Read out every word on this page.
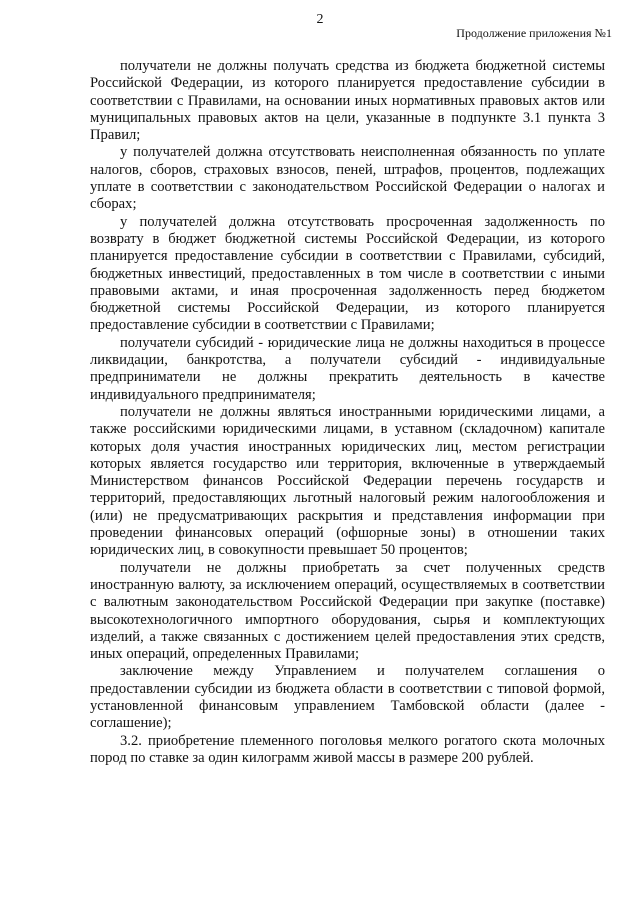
2
Продолжение приложения №1

получатели не должны получать средства из бюджета бюджетной системы Российской Федерации, из которого планируется предоставление субсидии в соответствии с Правилами, на основании иных нормативных правовых актов или муниципальных правовых актов на цели, указанные в подпункте 3.1 пункта 3 Правил;

у получателей должна отсутствовать неисполненная обязанность по уплате налогов, сборов, страховых взносов, пеней, штрафов, процентов, подлежащих уплате в соответствии с законодательством Российской Федерации о налогах и сборах;

у получателей должна отсутствовать просроченная задолженность по возврату в бюджет бюджетной системы Российской Федерации, из которого планируется предоставление субсидии в соответствии с Правилами, субсидий, бюджетных инвестиций, предоставленных в том числе в соответствии с иными правовыми актами, и иная просроченная задолженность перед бюджетом бюджетной системы Российской Федерации, из которого планируется предоставление субсидии в соответствии с Правилами;

получатели субсидий - юридические лица не должны находиться в процессе ликвидации, банкротства, а получатели субсидий - индивидуальные предприниматели не должны прекратить деятельность в качестве индивидуального предпринимателя;

получатели не должны являться иностранными юридическими лицами, а также российскими юридическими лицами, в уставном (складочном) капитале которых доля участия иностранных юридических лиц, местом регистрации которых является государство или территория, включенные в утверждаемый Министерством финансов Российской Федерации перечень государств и территорий, предоставляющих льготный налоговый режим налогообложения и (или) не предусматривающих раскрытия и представления информации при проведении финансовых операций (офшорные зоны) в отношении таких юридических лиц, в совокупности превышает 50 процентов;

получатели не должны приобретать за счет полученных средств иностранную валюту, за исключением операций, осуществляемых в соответствии с валютным законодательством Российской Федерации при закупке (поставке) высокотехнологичного импортного оборудования, сырья и комплектующих изделий, а также связанных с достижением целей предоставления этих средств, иных операций, определенных Правилами;

заключение между Управлением и получателем соглашения о предоставлении субсидии из бюджета области в соответствии с типовой формой, установленной финансовым управлением Тамбовской области (далее - соглашение);

3.2. приобретение племенного поголовья мелкого рогатого скота молочных пород по ставке за один килограмм живой массы в размере 200 рублей.
